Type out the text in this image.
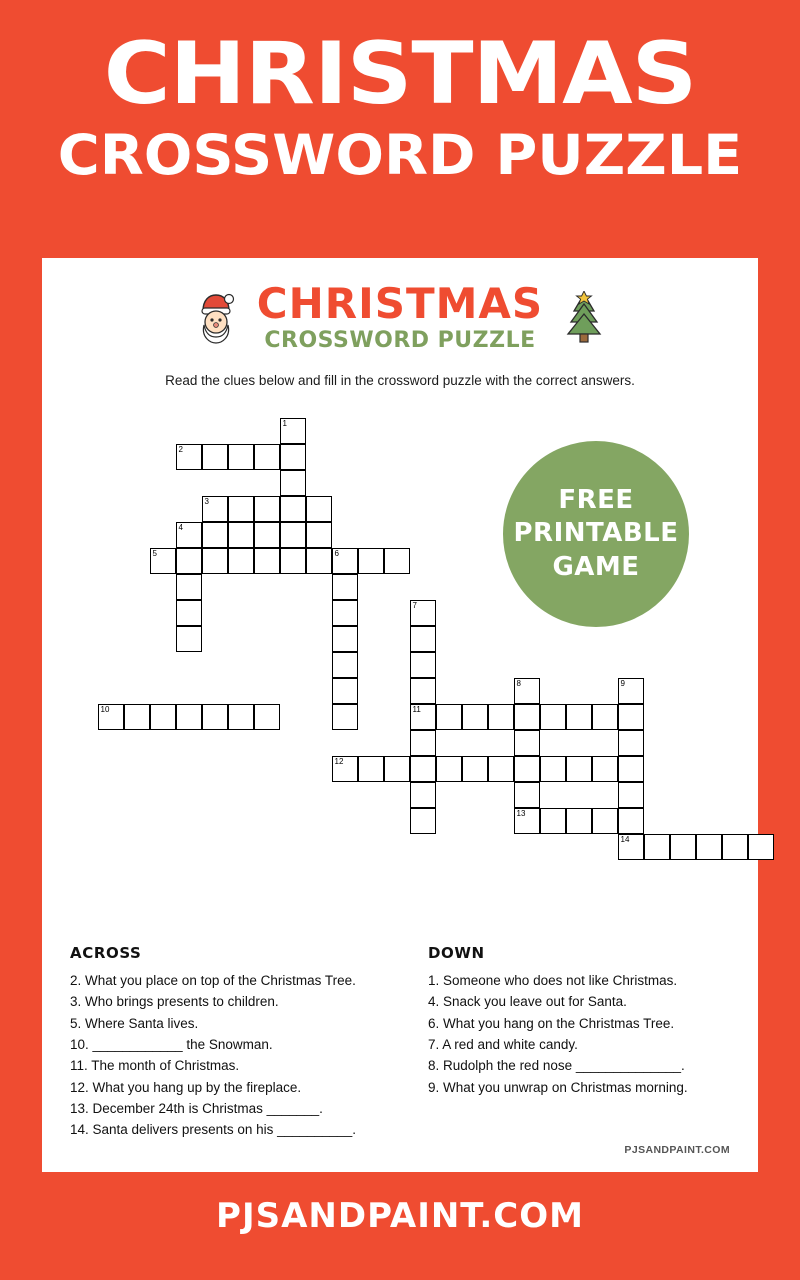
CHRISTMAS
CROSSWORD PUZZLE
CHRISTMAS
CROSSWORD PUZZLE
Read the clues below and fill in the crossword puzzle with the correct answers.
FREE
PRINTABLE
GAME
1
2
3
4
5	6
7
8	9
11
10
12
13
14
ACROSS
2. What you place on top of the Christmas Tree.
3. Who brings presents to children.
5. Where Santa lives.
10. ____________ the Snowman.
11. The month of Christmas.
12. What you hang up by the fireplace.
13. December 24th is Christmas _______.
14. Santa delivers presents on his __________.
DOWN
1. Someone who does not like Christmas.
4. Snack you leave out for Santa.
6. What you hang on the Christmas Tree.
7. A red and white candy.
8. Rudolph the red nose ______________.
9. What you unwrap on Christmas morning.
PJSANDPAINT.COM
PJSANDPAINT.COM
